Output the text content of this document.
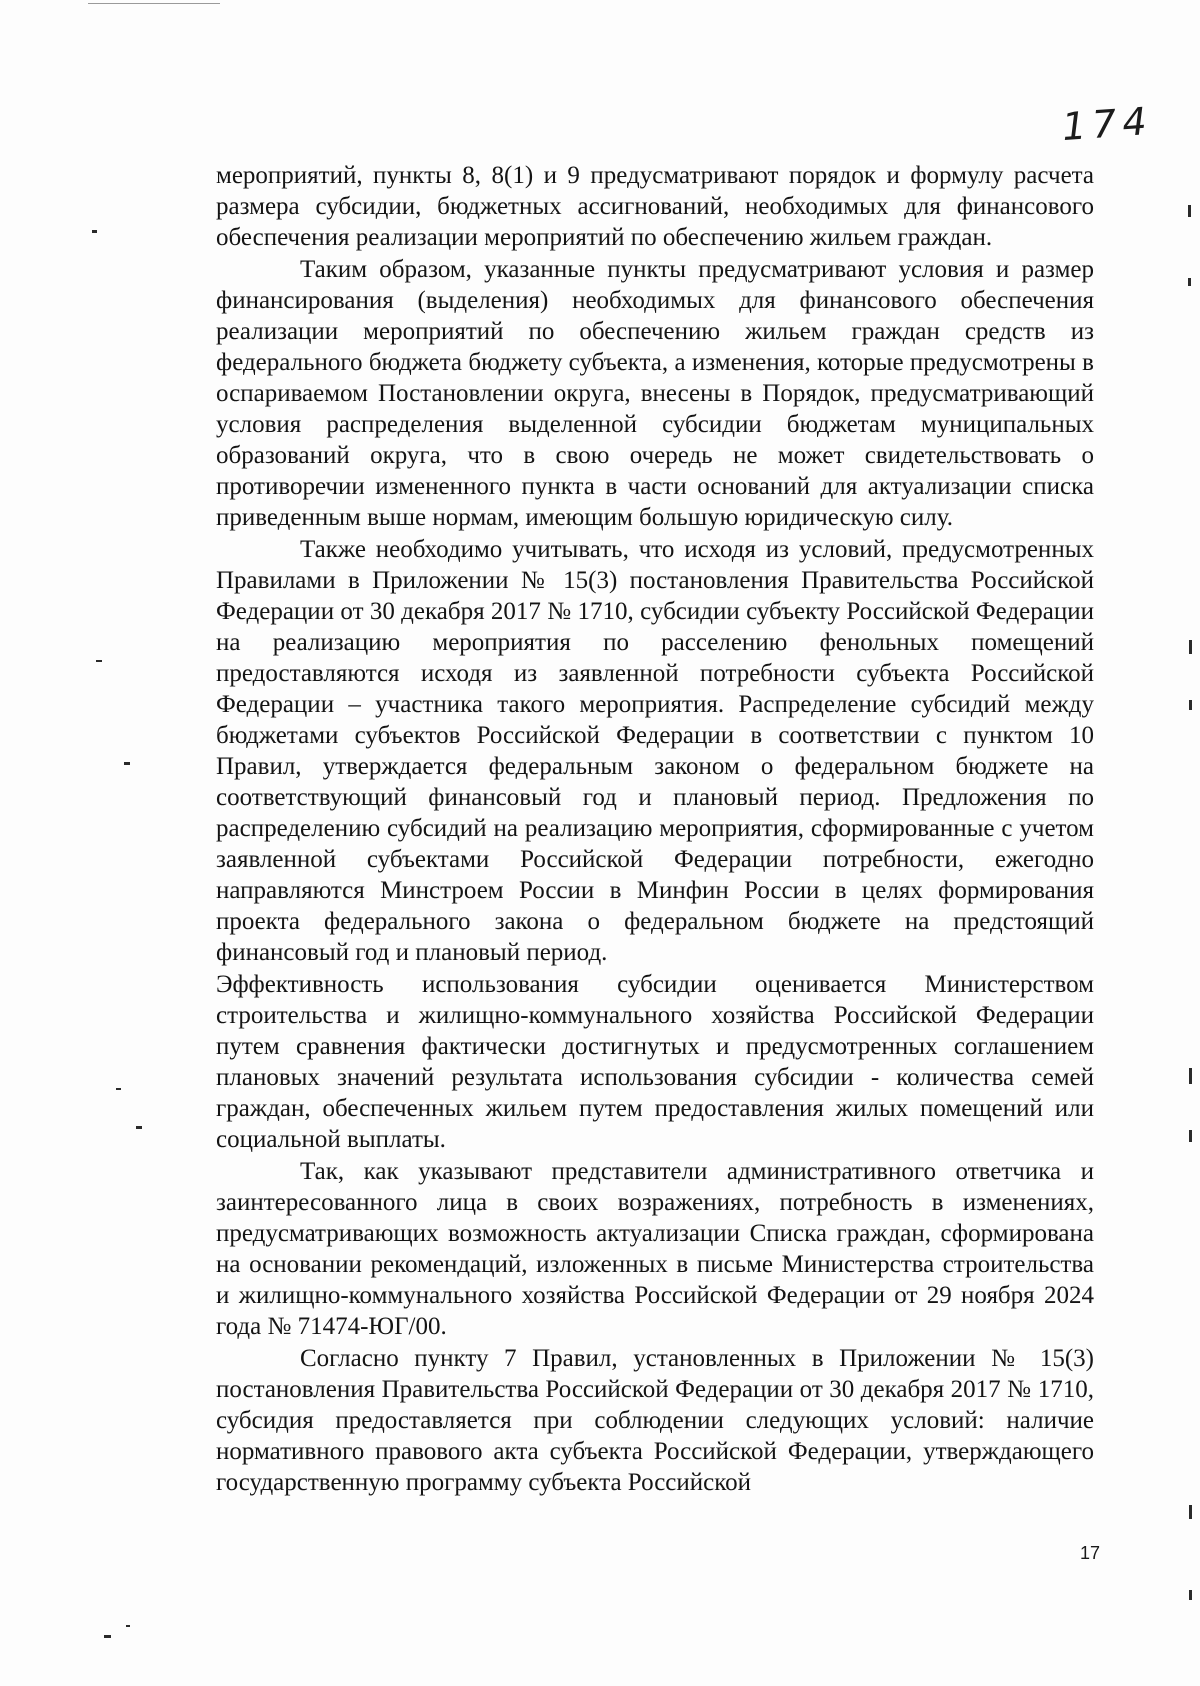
174

мероприятий, пункты 8, 8(1) и 9 предусматривают порядок и формулу расчета размера субсидии, бюджетных ассигнований, необходимых для финансового обеспечения реализации мероприятий по обеспечению жильем граждан.

Таким образом, указанные пункты предусматривают условия и размер финансирования (выделения) необходимых для финансового обеспечения реализации мероприятий по обеспечению жильем граждан средств из федерального бюджета бюджету субъекта, а изменения, которые предусмотрены в оспариваемом Постановлении округа, внесены в Порядок, предусматривающий условия распределения выделенной субсидии бюджетам муниципальных образований округа, что в свою очередь не может свидетельствовать о противоречии измененного пункта в части оснований для актуализации списка приведенным выше нормам, имеющим большую юридическую силу.

Также необходимо учитывать, что исходя из условий, предусмотренных Правилами в Приложении № 15(3) постановления Правительства Российской Федерации от 30 декабря 2017 № 1710, субсидии субъекту Российской Федерации на реализацию мероприятия по расселению фенольных помещений предоставляются исходя из заявленной потребности субъекта Российской Федерации – участника такого мероприятия. Распределение субсидий между бюджетами субъектов Российской Федерации в соответствии с пунктом 10 Правил, утверждается федеральным законом о федеральном бюджете на соответствующий финансовый год и плановый период. Предложения по распределению субсидий на реализацию мероприятия, сформированные с учетом заявленной субъектами Российской Федерации потребности, ежегодно направляются Минстроем России в Минфин России в целях формирования проекта федерального закона о федеральном бюджете на предстоящий финансовый год и плановый период.

Эффективность использования субсидии оценивается Министерством строительства и жилищно-коммунального хозяйства Российской Федерации путем сравнения фактически достигнутых и предусмотренных соглашением плановых значений результата использования субсидии - количества семей граждан, обеспеченных жильем путем предоставления жилых помещений или социальной выплаты.

Так, как указывают представители административного ответчика и заинтересованного лица в своих возражениях, потребность в изменениях, предусматривающих возможность актуализации Списка граждан, сформирована на основании рекомендаций, изложенных в письме Министерства строительства и жилищно-коммунального хозяйства Российской Федерации от 29 ноября 2024 года № 71474-ЮГ/00.

Согласно пункту 7 Правил, установленных в Приложении № 15(3) постановления Правительства Российской Федерации от 30 декабря 2017 № 1710, субсидия предоставляется при соблюдении следующих условий: наличие нормативного правового акта субъекта Российской Федерации, утверждающего государственную программу субъекта Российской

17
